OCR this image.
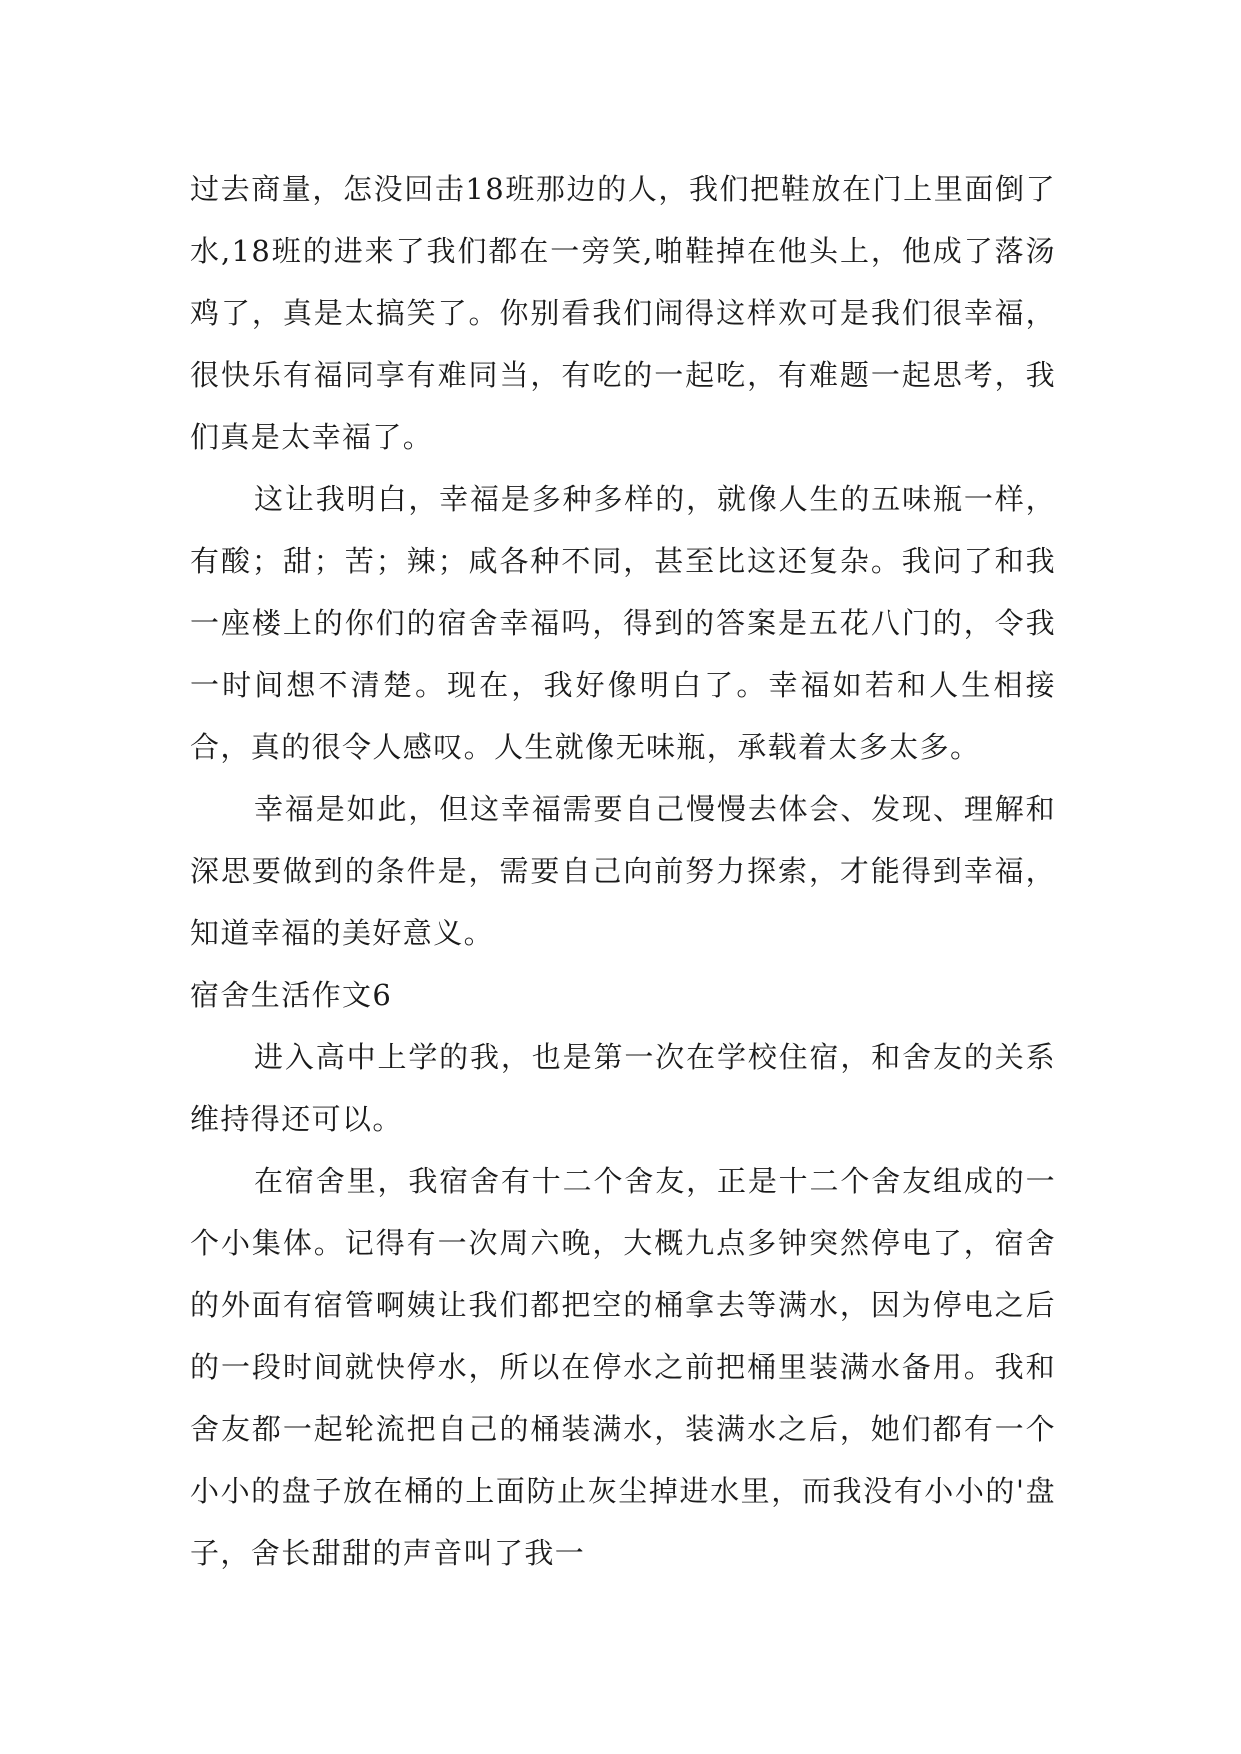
过去商量，怎没回击18班那边的人，我们把鞋放在门上里面倒了水,18班的进来了我们都在一旁笑,啪鞋掉在他头上，他成了落汤鸡了，真是太搞笑了。你别看我们闹得这样欢可是我们很幸福，很快乐有福同享有难同当，有吃的一起吃，有难题一起思考，我们真是太幸福了。

这让我明白，幸福是多种多样的，就像人生的五味瓶一样，有酸；甜；苦；辣；咸各种不同，甚至比这还复杂。我问了和我一座楼上的你们的宿舍幸福吗，得到的答案是五花八门的，令我一时间想不清楚。现在，我好像明白了。幸福如若和人生相接合，真的很令人感叹。人生就像无味瓶，承载着太多太多。

幸福是如此，但这幸福需要自己慢慢去体会、发现、理解和深思要做到的条件是，需要自己向前努力探索，才能得到幸福，知道幸福的美好意义。

宿舍生活作文6

进入高中上学的我，也是第一次在学校住宿，和舍友的关系维持得还可以。

在宿舍里，我宿舍有十二个舍友，正是十二个舍友组成的一个小集体。记得有一次周六晚，大概九点多钟突然停电了，宿舍的外面有宿管啊姨让我们都把空的桶拿去等满水，因为停电之后的一段时间就快停水，所以在停水之前把桶里装满水备用。我和舍友都一起轮流把自己的桶装满水，装满水之后，她们都有一个小小的盘子放在桶的上面防止灰尘掉进水里，而我没有小小的'盘子，舍长甜甜的声音叫了我一
